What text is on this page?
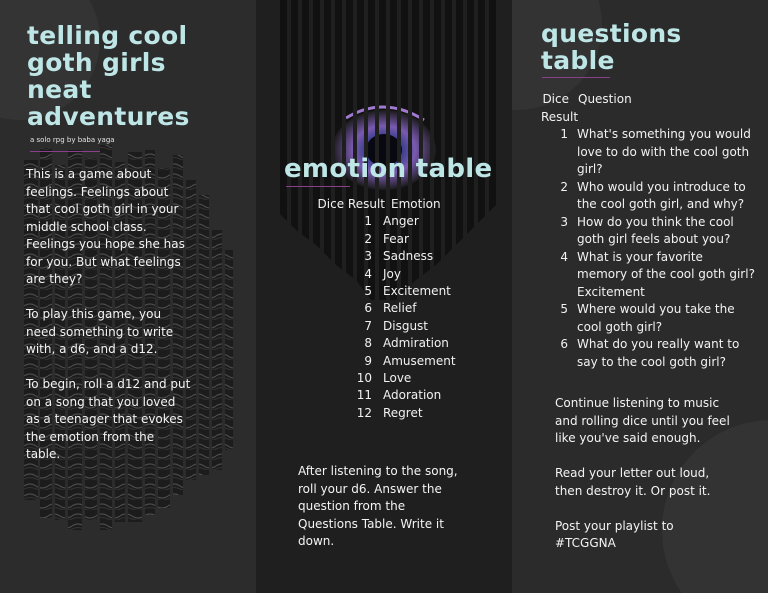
telling cool goth girls neat adventures
a solo rpg by baba yaga

This is a game about feelings. Feelings about that cool goth girl in your middle school class. Feelings you hope she has for you. But what feelings are they?

To play this game, you need something to write with, a d6, and a d12.

To begin, roll a d12 and put on a song that you loved as a teenager that evokes the emotion from the table.

emotion table
Dice Result Emotion
1 Anger
2 Fear
3 Sadness
4 Joy
5 Excitement
6 Relief
7 Disgust
8 Admiration
9 Amusement
10 Love
11 Adoration
12 Regret
After listening to the song, roll your d6. Answer the question from the Questions Table. Write it down.
questions table
Dice Result
Question
1 What's something you would love to do with the cool goth girl?
2 Who would you introduce to the cool goth girl, and why?
3 How do you think the cool goth girl feels about you?
4 What is your favorite memory of the cool goth girl? Excitement
5 Where would you take the cool goth girl?
6 What do you really want to say to the cool goth girl?

Continue listening to music and rolling dice until you feel like you've said enough.

Read your letter out loud, then destroy it. Or post it.

Post your playlist to #TCGGNA
